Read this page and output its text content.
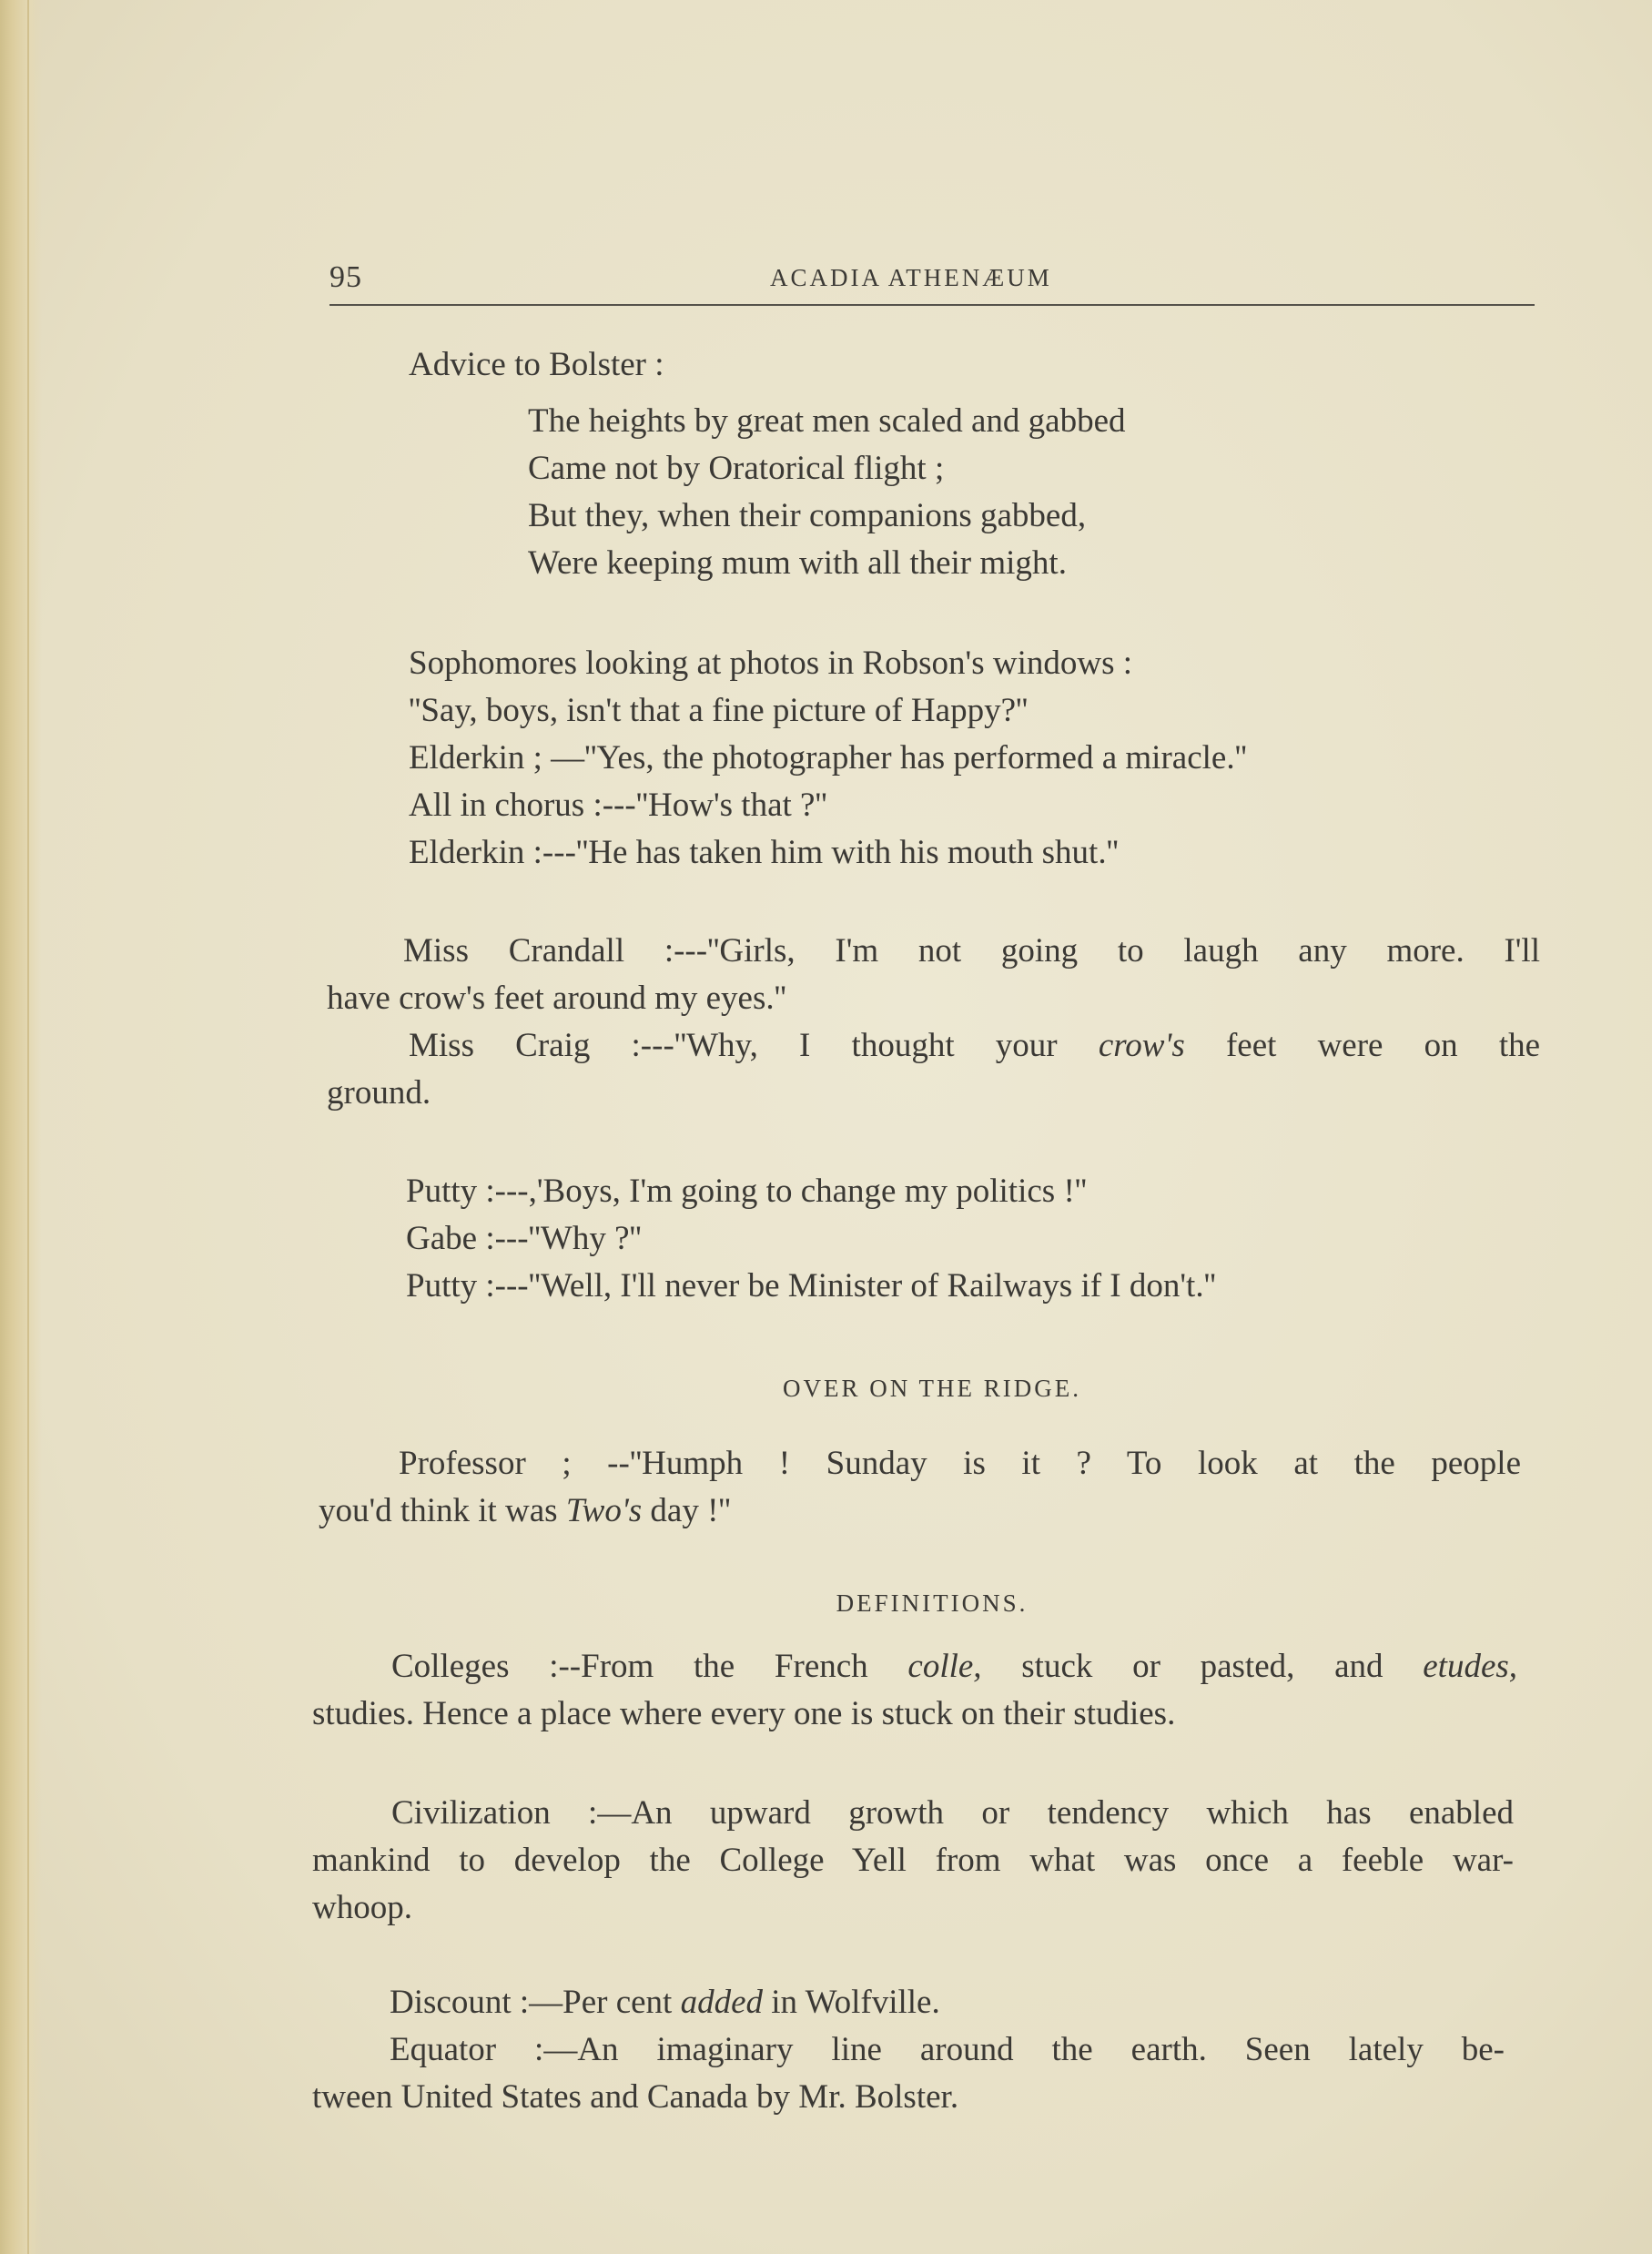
95	ACADIA ATHENÆUM
Advice to Bolster :
The heights by great men scaled and gabbed
Came not by Oratorical flight ;
But they, when their companions gabbed,
Were keeping mum with all their might.
Sophomores looking at photos in Robson's windows :
''Say, boys, isn't that a fine picture of Happy?''
Elderkin ; —''Yes, the photographer has performed a miracle.''
All in chorus :---''How's that ?''
Elderkin :---''He has taken him with his mouth shut.''
Miss Crandall :---''Girls, I'm not going to laugh any more. I'll
have crow's feet around my eyes.''
Miss Craig :---''Why, I thought your crow's feet were on the
ground.
Putty :---,'Boys, I'm going to change my politics !''
Gabe :---''Why ?''
Putty :---''Well, I'll never be Minister of Railways if I don't.''
OVER ON THE RIDGE.
Professor ; --''Humph ! Sunday is it ? To look at the people
you'd think it was Two's day !''
DEFINITIONS.
Colleges :--From the French colle, stuck or pasted, and etudes,
studies. Hence a place where every one is stuck on their studies.
Civilization :—An upward growth or tendency which has enabled
mankind to develop the College Yell from what was once a feeble war-
whoop.
Discount :—Per cent added in Wolfville.
Equator :—An imaginary line around the earth. Seen lately be-
tween United States and Canada by Mr. Bolster.
